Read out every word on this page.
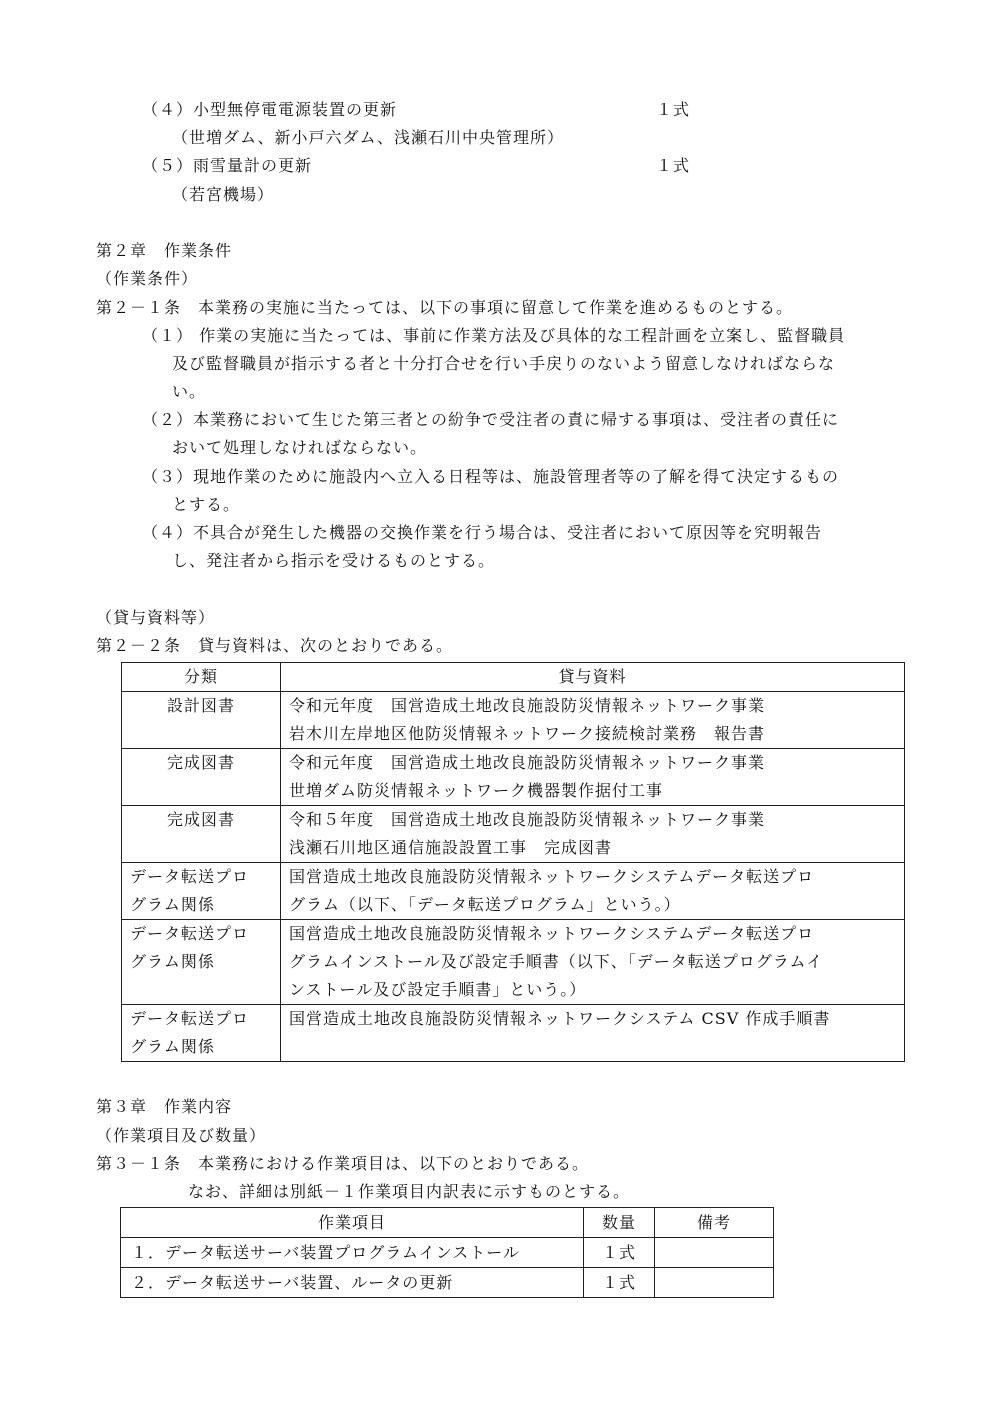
（４）小型無停電電源装置の更新	１式
（世増ダム、新小戸六ダム、浅瀬石川中央管理所）
（５）雨雪量計の更新	１式
（若宮機場）
第２章　作業条件
（作業条件）
第２－１条　本業務の実施に当たっては、以下の事項に留意して作業を進めるものとする。
（１） 作業の実施に当たっては、事前に作業方法及び具体的な工程計画を立案し、監督職員
及び監督職員が指示する者と十分打合せを行い手戻りのないよう留意しなければならな
い。
（２）本業務において生じた第三者との紛争で受注者の責に帰する事項は、受注者の責任に
おいて処理しなければならない。
（３）現地作業のために施設内へ立入る日程等は、施設管理者等の了解を得て決定するもの
とする。
（４）不具合が発生した機器の交換作業を行う場合は、受注者において原因等を究明報告
し、発注者から指示を受けるものとする。
（貸与資料等）
第２－２条　貸与資料は、次のとおりである。
分類	貸与資料

設計図書	令和元年度　国営造成土地改良施設防災情報ネットワーク事業
岩木川左岸地区他防災情報ネットワーク接続検討業務　報告書

完成図書	令和元年度　国営造成土地改良施設防災情報ネットワーク事業
世増ダム防災情報ネットワーク機器製作据付工事

完成図書	令和５年度　国営造成土地改良施設防災情報ネットワーク事業
浅瀬石川地区通信施設設置工事　完成図書

データ転送プロ
グラム関係	国営造成土地改良施設防災情報ネットワークシステムデータ転送プロ
グラム（以下、「データ転送プログラム」という。）

データ転送プロ
グラム関係	国営造成土地改良施設防災情報ネットワークシステムデータ転送プロ
グラムインストール及び設定手順書（以下、「データ転送プログラムイ
ンストール及び設定手順書」という。）

データ転送プロ
グラム関係	国営造成土地改良施設防災情報ネットワークシステム CSV 作成手順書
第３章　作業内容
（作業項目及び数量）
第３－１条　本業務における作業項目は、以下のとおりである。
なお、詳細は別紙－１作業項目内訳表に示すものとする。
作業項目	数量	備考
１．データ転送サーバ装置プログラムインストール	１式	
２．データ転送サーバ装置、ルータの更新	１式	
